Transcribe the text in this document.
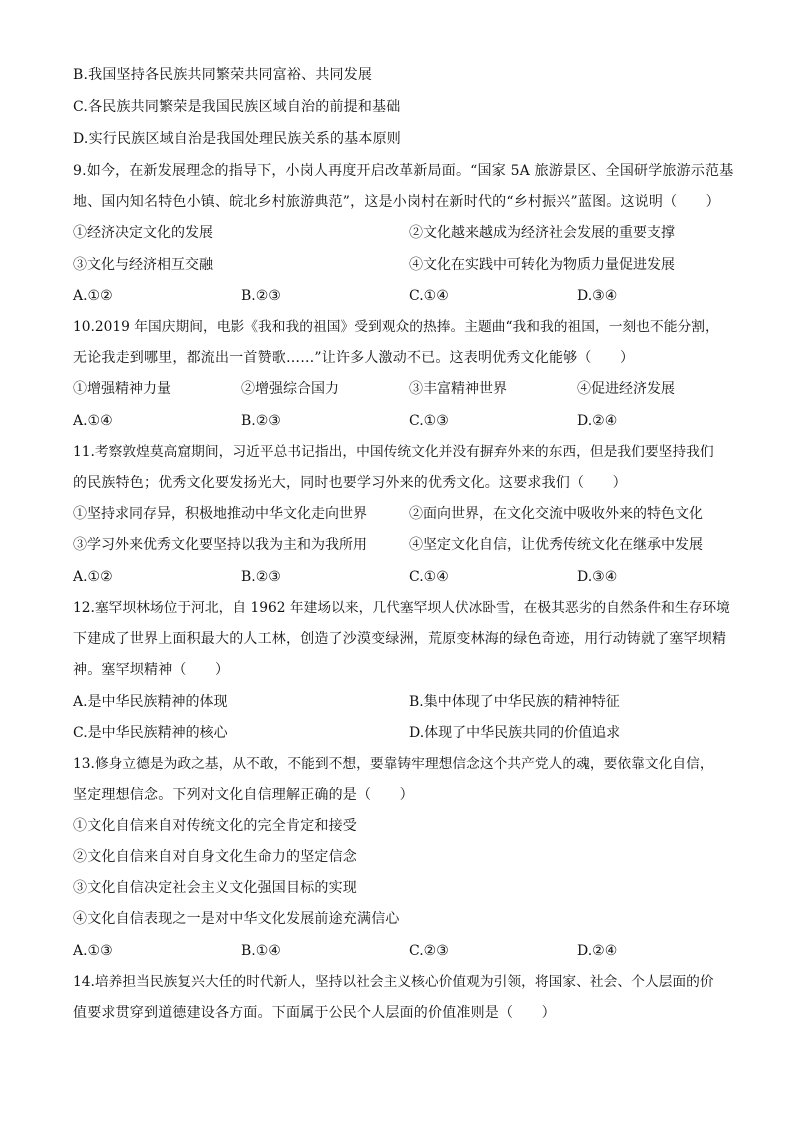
B.我国坚持各民族共同繁荣共同富裕、共同发展
C.各民族共同繁荣是我国民族区域自治的前提和基础
D.实行民族区域自治是我国处理民族关系的基本原则
9.如今，在新发展理念的指导下，小岗人再度开启改革新局面。“国家 5A 旅游景区、全国研学旅游示范基
地、国内知名特色小镇、皖北乡村旅游典范”，这是小岗村在新时代的“乡村振兴”蓝图。这说明（　　）
①经济决定文化的发展	②文化越来越成为经济社会发展的重要支撑
③文化与经济相互交融	④文化在实践中可转化为物质力量促进发展
A.①②	B.②③	C.①④	D.③④
10.2019 年国庆期间，电影《我和我的祖国》受到观众的热捧。主题曲“我和我的祖国，一刻也不能分割，
无论我走到哪里，都流出一首赞歌……”让许多人激动不已。这表明优秀文化能够（　　）
①增强精神力量	②增强综合国力	③丰富精神世界	④促进经济发展
A.①④	B.②③	C.①③	D.②④
11.考察敦煌莫高窟期间，习近平总书记指出，中国传统文化并没有摒弃外来的东西，但是我们要坚持我们
的民族特色；优秀文化要发扬光大，同时也要学习外来的优秀文化。这要求我们（　　）
①坚持求同存异，积极地推动中华文化走向世界	②面向世界，在文化交流中吸收外来的特色文化
③学习外来优秀文化要坚持以我为主和为我所用	④坚定文化自信，让优秀传统文化在继承中发展
A.①②	B.②③	C.①④	D.③④
12.塞罕坝林场位于河北，自 1962 年建场以来，几代塞罕坝人伏冰卧雪，在极其恶劣的自然条件和生存环境
下建成了世界上面积最大的人工林，创造了沙漠变绿洲，荒原变林海的绿色奇迹，用行动铸就了塞罕坝精
神。塞罕坝精神（　　）
A.是中华民族精神的体现	B.集中体现了中华民族的精神特征
C.是中华民族精神的核心	D.体现了中华民族共同的价值追求
13.修身立德是为政之基，从不敢，不能到不想，要靠铸牢理想信念这个共产党人的魂，要依靠文化自信，
坚定理想信念。下列对文化自信理解正确的是（　　）
①文化自信来自对传统文化的完全肯定和接受
②文化自信来自对自身文化生命力的坚定信念
③文化自信决定社会主义文化强国目标的实现
④文化自信表现之一是对中华文化发展前途充满信心
A.①③	B.①④	C.②③	D.②④
14.培养担当民族复兴大任的时代新人，坚持以社会主义核心价值观为引领，将国家、社会、个人层面的价
值要求贯穿到道德建设各方面。下面属于公民个人层面的价值准则是（　　）
